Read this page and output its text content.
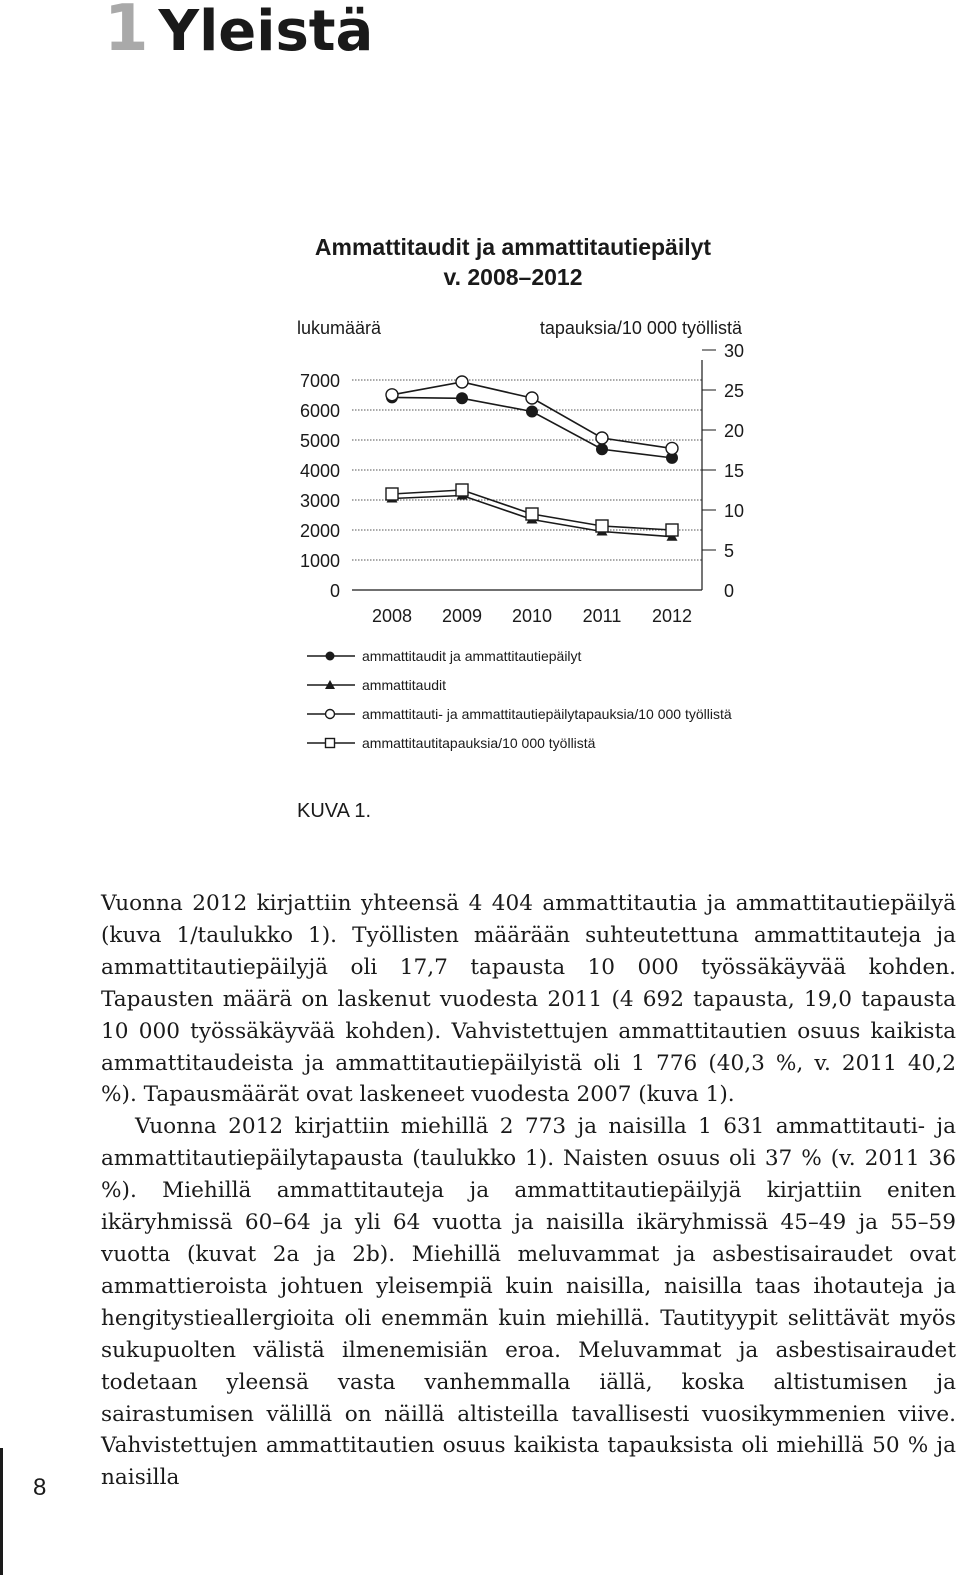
1 Yleistä
Ammattitaudit ja ammattitautiepäilyt
v. 2008–2012
lukumäärä	tapauksia/10 000 työllistä
7000
6000
5000
4000
3000
2000
1000
0
30
25
20
15
10
5
0
2008 2009 2010 2011 2012
ammattitaudit ja ammattitautiepäilyt
ammattitaudit
ammattitauti- ja ammattitautiepäilytapauksia/10 000 työllistä
ammattitautitapauksia/10 000 työllistä
KUVA 1.

Vuonna 2012 kirjattiin yhteensä 4 404 ammattitautia ja ammattitautiepäilyä (kuva 1/taulukko 1). Työllisten määrään suhteutettuna ammattitauteja ja ammattitautiepäilyjä oli 17,7 tapausta 10 000 työssäkäyvää kohden. Tapausten määrä on laskenut vuodesta 2011 (4 692 tapausta, 19,0 tapausta 10 000 työssäkäyvää kohden). Vahvistettujen ammattitautien osuus kaikista ammattitaudeista ja ammattitautiepäilyistä oli 1 776 (40,3 %, v. 2011 40,2 %). Tapausmäärät ovat laskeneet vuodesta 2007 (kuva 1).

Vuonna 2012 kirjattiin miehillä 2 773 ja naisilla 1 631 ammattitauti- ja ammattitautiepäilytapausta (taulukko 1). Naisten osuus oli 37 % (v. 2011 36 %). Miehillä ammattitauteja ja ammattitautiepäilyjä kirjattiin eniten ikäryhmissä 60–64 ja yli 64 vuotta ja naisilla ikäryhmissä 45–49 ja 55–59 vuotta (kuvat 2a ja 2b). Miehillä meluvammat ja asbestisairaudet ovat ammattieroista johtuen yleisempiä kuin naisilla, naisilla taas ihotauteja ja hengitystieallergioita oli enemmän kuin miehillä. Tautityypit selittävät myös sukupuolten välistä ilmenemisiän eroa. Meluvammat ja asbestisairaudet todetaan yleensä vasta vanhemmalla iällä, koska altistumisen ja sairastumisen välillä on näillä altisteilla tavallisesti vuosikymmenien viive. Vahvistettujen ammattitautien osuus kaikista tapauksista oli miehillä 50 % ja naisilla

8
